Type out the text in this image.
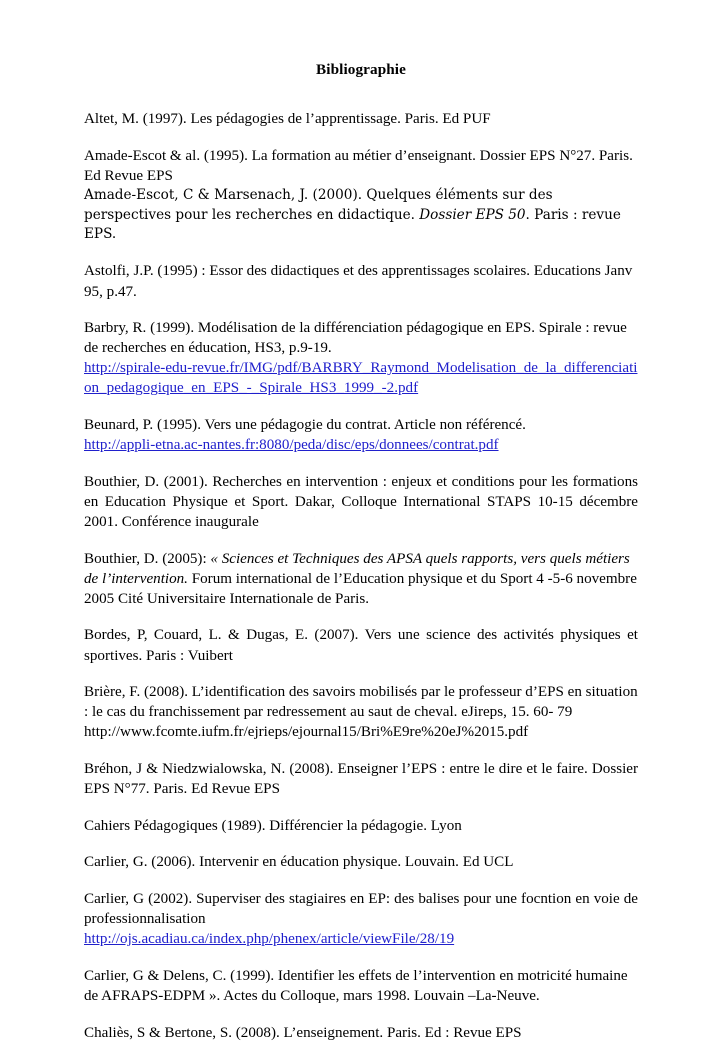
Bibliographie

Altet, M. (1997). Les pédagogies de l’apprentissage. Paris. Ed PUF

Amade-Escot & al. (1995). La formation au métier d’enseignant. Dossier EPS N°27. Paris. Ed Revue EPS

Amade-Escot, C & Marsenach, J. (2000). Quelques éléments sur des perspectives pour les recherches en didactique. Dossier EPS 50. Paris : revue EPS.

Astolfi, J.P. (1995) : Essor des didactiques et des apprentissages scolaires. Educations Janv 95, p.47.

Barbry, R. (1999). Modélisation de la différenciation pédagogique en EPS. Spirale : revue de recherches en éducation, HS3, p.9-19.

http://spirale-edu-revue.fr/IMG/pdf/BARBRY_Raymond_Modelisation_de_la_differenciation_pedagogique_en_EPS_-_Spirale_HS3_1999_-2.pdf

Beunard, P. (1995). Vers une pédagogie du contrat. Article non référencé.

http://appli-etna.ac-nantes.fr:8080/peda/disc/eps/donnees/contrat.pdf

Bouthier, D. (2001). Recherches en intervention : enjeux et conditions pour les formations en Education Physique et Sport. Dakar, Colloque International STAPS 10-15 décembre 2001. Conférence inaugurale

Bouthier, D. (2005): « Sciences et Techniques des APSA quels rapports, vers quels métiers de l’intervention. Forum international de l’Education physique et du Sport 4 -5-6 novembre 2005 Cité Universitaire Internationale de Paris.

Bordes, P, Couard, L. & Dugas, E. (2007). Vers une science des activités physiques et sportives. Paris : Vuibert

Brière, F. (2008). L’identification des savoirs mobilisés par le professeur d’EPS en situation : le cas du franchissement par redressement au saut de cheval. eJireps, 15. 60- 79

http://www.fcomte.iufm.fr/ejrieps/ejournal15/Bri%E9re%20eJ%2015.pdf

Bréhon, J & Niedzwialowska, N. (2008). Enseigner l’EPS : entre le dire et le faire. Dossier EPS N°77. Paris. Ed Revue EPS

Cahiers Pédagogiques (1989). Différencier la pédagogie. Lyon

Carlier, G. (2006). Intervenir en éducation physique. Louvain. Ed UCL

Carlier, G (2002). Superviser des stagiaires en EP: des balises pour une focntion en voie de professionnalisation

http://ojs.acadiau.ca/index.php/phenex/article/viewFile/28/19

Carlier, G & Delens, C. (1999). Identifier les effets de l’intervention en motricité humaine de AFRAPS-EDPM ». Actes du Colloque, mars 1998. Louvain –La-Neuve.

Chaliès, S & Bertone, S. (2008). L’enseignement. Paris. Ed : Revue EPS
